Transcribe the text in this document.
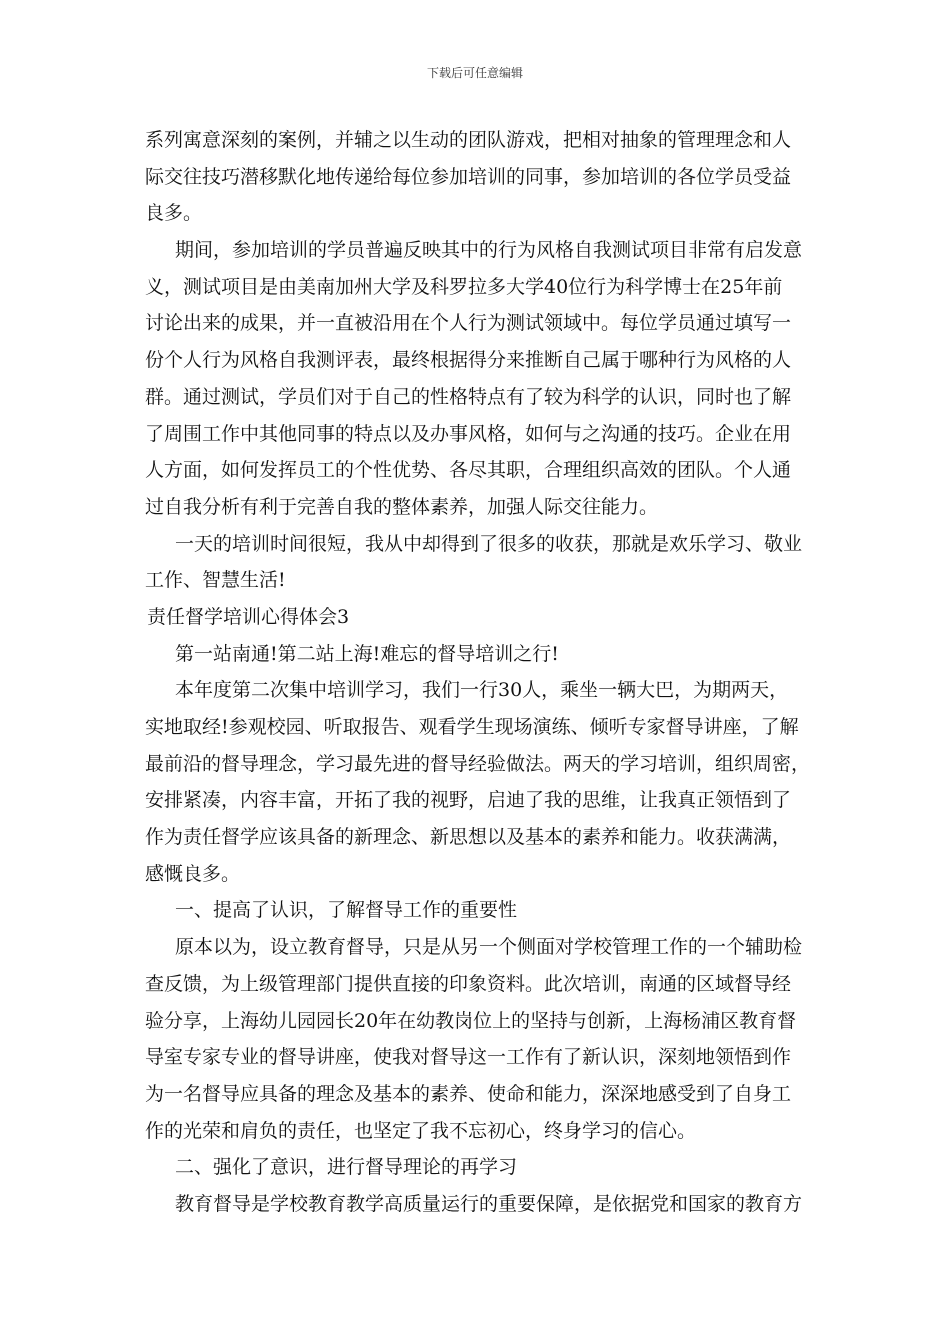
下载后可任意编辑
系列寓意深刻的案例，并辅之以生动的团队游戏，把相对抽象的管理理念和人
际交往技巧潜移默化地传递给每位参加培训的同事，参加培训的各位学员受益
良多。
期间，参加培训的学员普遍反映其中的行为风格自我测试项目非常有启发意
义，测试项目是由美南加州大学及科罗拉多大学40位行为科学博士在25年前
讨论出来的成果，并一直被沿用在个人行为测试领域中。每位学员通过填写一
份个人行为风格自我测评表，最终根据得分来推断自己属于哪种行为风格的人
群。通过测试，学员们对于自己的性格特点有了较为科学的认识，同时也了解
了周围工作中其他同事的特点以及办事风格，如何与之沟通的技巧。企业在用
人方面，如何发挥员工的个性优势、各尽其职，合理组织高效的团队。个人通
过自我分析有利于完善自我的整体素养，加强人际交往能力。
一天的培训时间很短，我从中却得到了很多的收获，那就是欢乐学习、敬业
工作、智慧生活!
责任督学培训心得体会3
第一站南通!第二站上海!难忘的督导培训之行!
本年度第二次集中培训学习，我们一行30人，乘坐一辆大巴，为期两天，
实地取经!参观校园、听取报告、观看学生现场演练、倾听专家督导讲座，了解
最前沿的督导理念，学习最先进的督导经验做法。两天的学习培训，组织周密，
安排紧凑，内容丰富，开拓了我的视野，启迪了我的思维，让我真正领悟到了
作为责任督学应该具备的新理念、新思想以及基本的素养和能力。收获满满，
感慨良多。
一、提高了认识，了解督导工作的重要性
原本以为，设立教育督导，只是从另一个侧面对学校管理工作的一个辅助检
查反馈，为上级管理部门提供直接的印象资料。此次培训，南通的区域督导经
验分享，上海幼儿园园长20年在幼教岗位上的坚持与创新，上海杨浦区教育督
导室专家专业的督导讲座，使我对督导这一工作有了新认识，深刻地领悟到作
为一名督导应具备的理念及基本的素养、使命和能力，深深地感受到了自身工
作的光荣和肩负的责任，也坚定了我不忘初心，终身学习的信心。
二、强化了意识，进行督导理论的再学习
教育督导是学校教育教学高质量运行的重要保障，是依据党和国家的教育方
